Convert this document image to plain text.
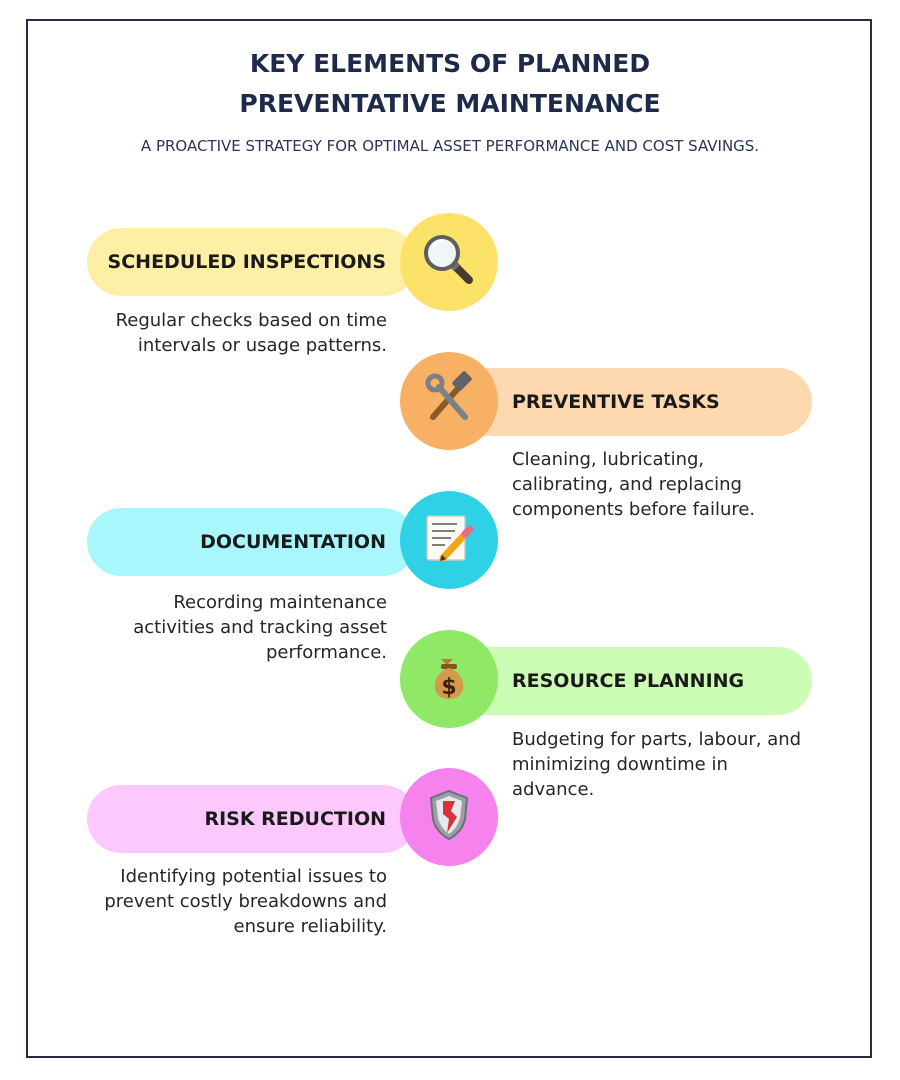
KEY ELEMENTS OF PLANNED PREVENTATIVE MAINTENANCE
A PROACTIVE STRATEGY FOR OPTIMAL ASSET PERFORMANCE AND COST SAVINGS.
SCHEDULED INSPECTIONS
Regular checks based on time intervals or usage patterns.
PREVENTIVE TASKS
Cleaning, lubricating, calibrating, and replacing components before failure.
DOCUMENTATION
Recording maintenance activities and tracking asset performance.
RESOURCE PLANNING
$
Budgeting for parts, labour, and minimizing downtime in advance.
RISK REDUCTION
Identifying potential issues to prevent costly breakdowns and ensure reliability.
